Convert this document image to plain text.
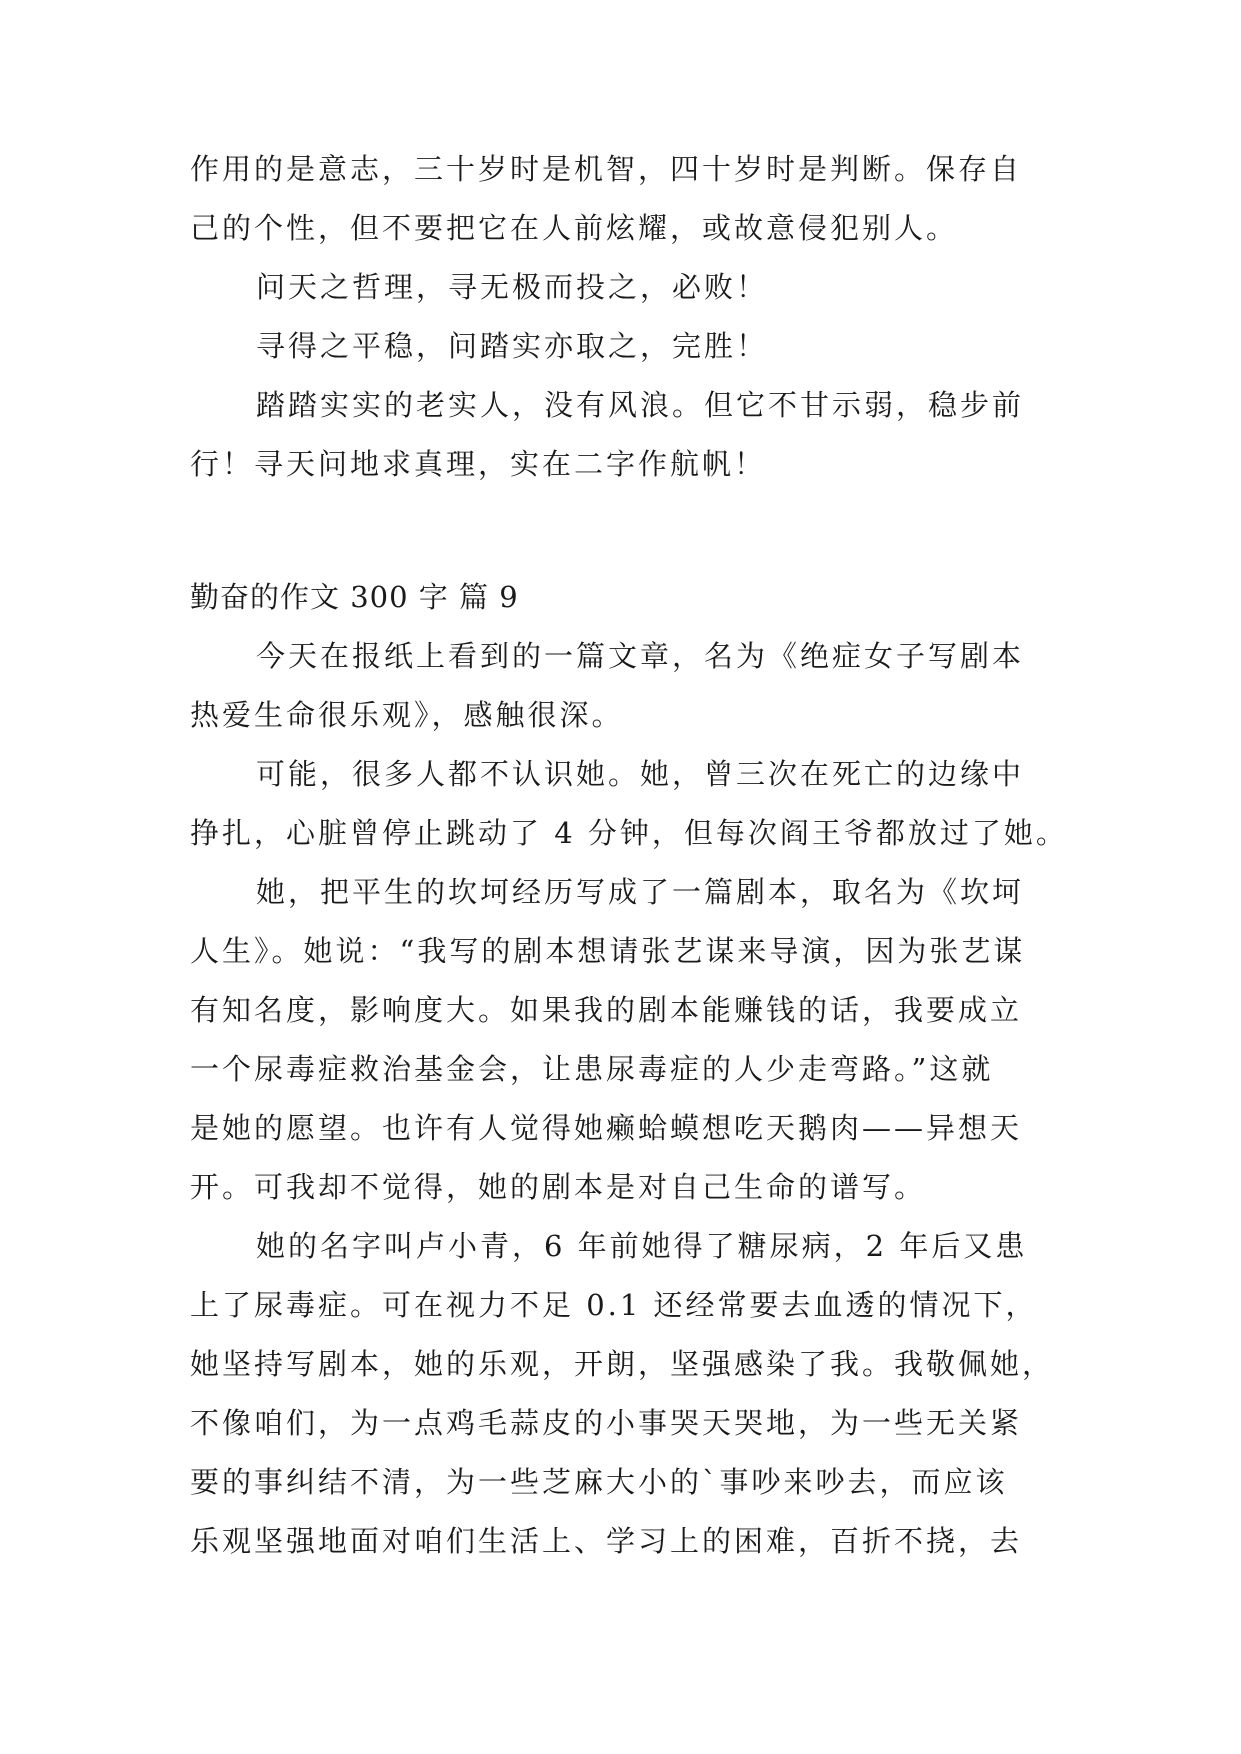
作用的是意志，三十岁时是机智，四十岁时是判断。保存自
己的个性，但不要把它在人前炫耀，或故意侵犯别人。
问天之哲理，寻无极而投之，必败！
寻得之平稳，问踏实亦取之，完胜！
踏踏实实的老实人，没有风浪。但它不甘示弱，稳步前
行！寻天问地求真理，实在二字作航帆！
勤奋的作文 300 字 篇 9
今天在报纸上看到的一篇文章，名为《绝症女子写剧本
热爱生命很乐观》，感触很深。
可能，很多人都不认识她。她，曾三次在死亡的边缘中
挣扎，心脏曾停止跳动了 4 分钟，但每次阎王爷都放过了她。
她，把平生的坎坷经历写成了一篇剧本，取名为《坎坷
人生》。她说：“我写的剧本想请张艺谋来导演，因为张艺谋
有知名度，影响度大。如果我的剧本能赚钱的话，我要成立
一个尿毒症救治基金会，让患尿毒症的人少走弯路。”这就
是她的愿望。也许有人觉得她癞蛤蟆想吃天鹅肉——异想天
开。可我却不觉得，她的剧本是对自己生命的谱写。
她的名字叫卢小青，6 年前她得了糖尿病，2 年后又患
上了尿毒症。可在视力不足 0.1 还经常要去血透的情况下，
她坚持写剧本，她的乐观，开朗，坚强感染了我。我敬佩她，
不像咱们，为一点鸡毛蒜皮的小事哭天哭地，为一些无关紧
要的事纠结不清，为一些芝麻大小的`事吵来吵去，而应该
乐观坚强地面对咱们生活上、学习上的困难，百折不挠，去
